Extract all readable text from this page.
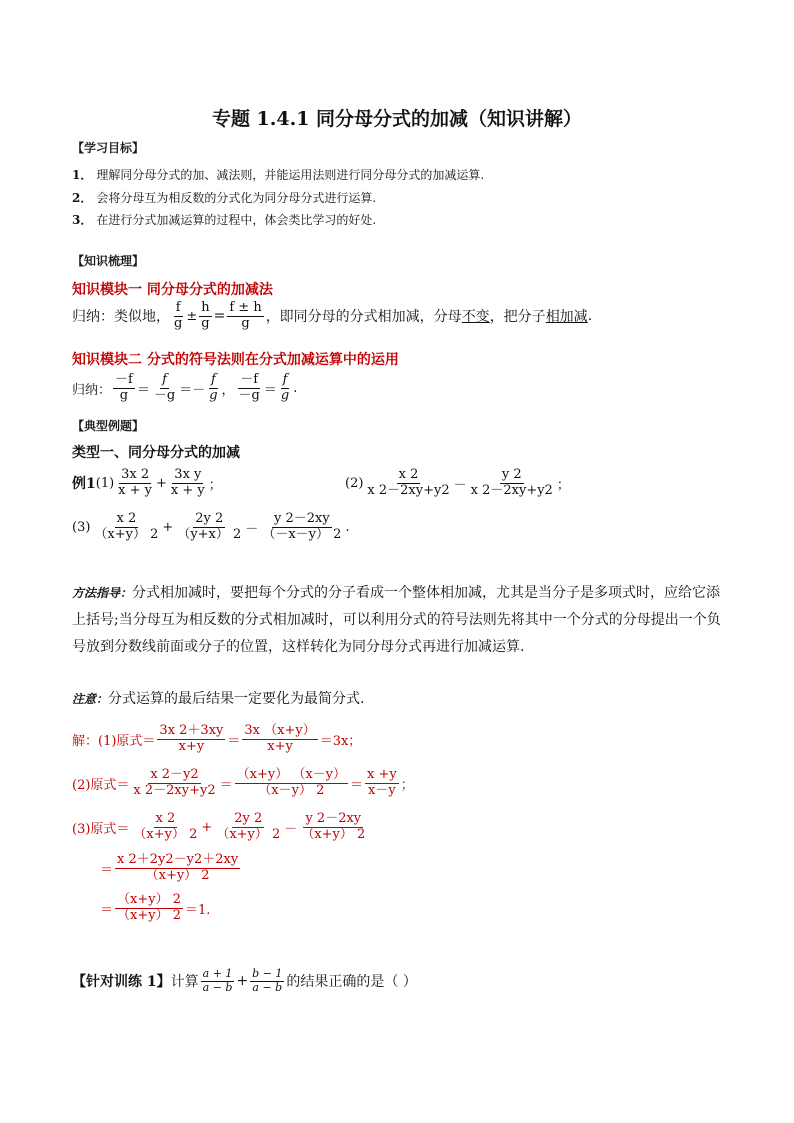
专题 1.4.1 同分母分式的加减（知识讲解）
【学习目标】
1． 理解同分母分式的加、减法则，并能运用法则进行同分母分式的加减运算.
2． 会将分母互为相反数的分式化为同分母分式进行运算.
3． 在进行分式加减运算的过程中，体会类比学习的好处.
【知识梳理】
知识模块一 同分母分式的加减法
归纳：类似地， $\frac{f}{g} \pm \frac{h}{g} = \frac{f \pm h}{g}$ ，即同分母的分式相加减，分母 不变 ，把分子 相加减 .
知识模块二 分式的符号法则在分式加减运算中的运用
归纳： $\frac{-f}{g} = \frac{f}{-g}$ ＝ － $\frac{f}{g}$ ， $\frac{-f}{-g} = \frac{f}{g}$ .
【典型例题】
类型一、同分母分式的加减
例1 $(1) \frac{3x 2}{x + y} + \frac{\text{3x y}}{x + y}$ ；	$(2) \frac{x 2}{x 2-2xy+y2} - \frac{y 2}{x 2-2xy+y2}$ ；
$(3) \frac{x 2}{(x+y) 2} + \frac{2y 2}{(y+x) 2} - \frac{y 2-2xy}{(-x-y) 2}$ .
方法指导：分式相加减时，要把每个分式的分子看成一个整体相加减，尤其是当分子是多项式时，应给它添上括号;当分母互为相反数的分式相加减时，可以利用分式的符号法则先将其中一个分式的分母提出一个负号放到分数线前面或分子的位置，这样转化为同分母分式再进行加减运算.
注意：分式运算的最后结果一定要化为最简分式.
解：(1)原式＝ $\frac{3x 2+3xy}{x+y} = \frac{3x (x+y)}{x+y} =3x$；
(2)原式＝ $\frac{x 2-y2}{x 2-2xy+y2} = \frac{(x+y) (x-y)}{(x-y) 2} = \frac{x +y}{x-y}$ ；
(3)原式＝ $\frac{x 2}{(x+y) 2} + \frac{2y 2}{(x+y) 2} - \frac{y 2-2xy}{(x+y) 2}$
＝ $\frac{x 2+2y2-y2+2xy}{(x+y) 2}$
＝ $\frac{(x+y) 2}{(x+y) 2} =1$.
【针对训练 1】 计算 $\frac{a + 1}{a - b} + \frac{b - 1}{a - b}$ 的结果正确的是（ ）
